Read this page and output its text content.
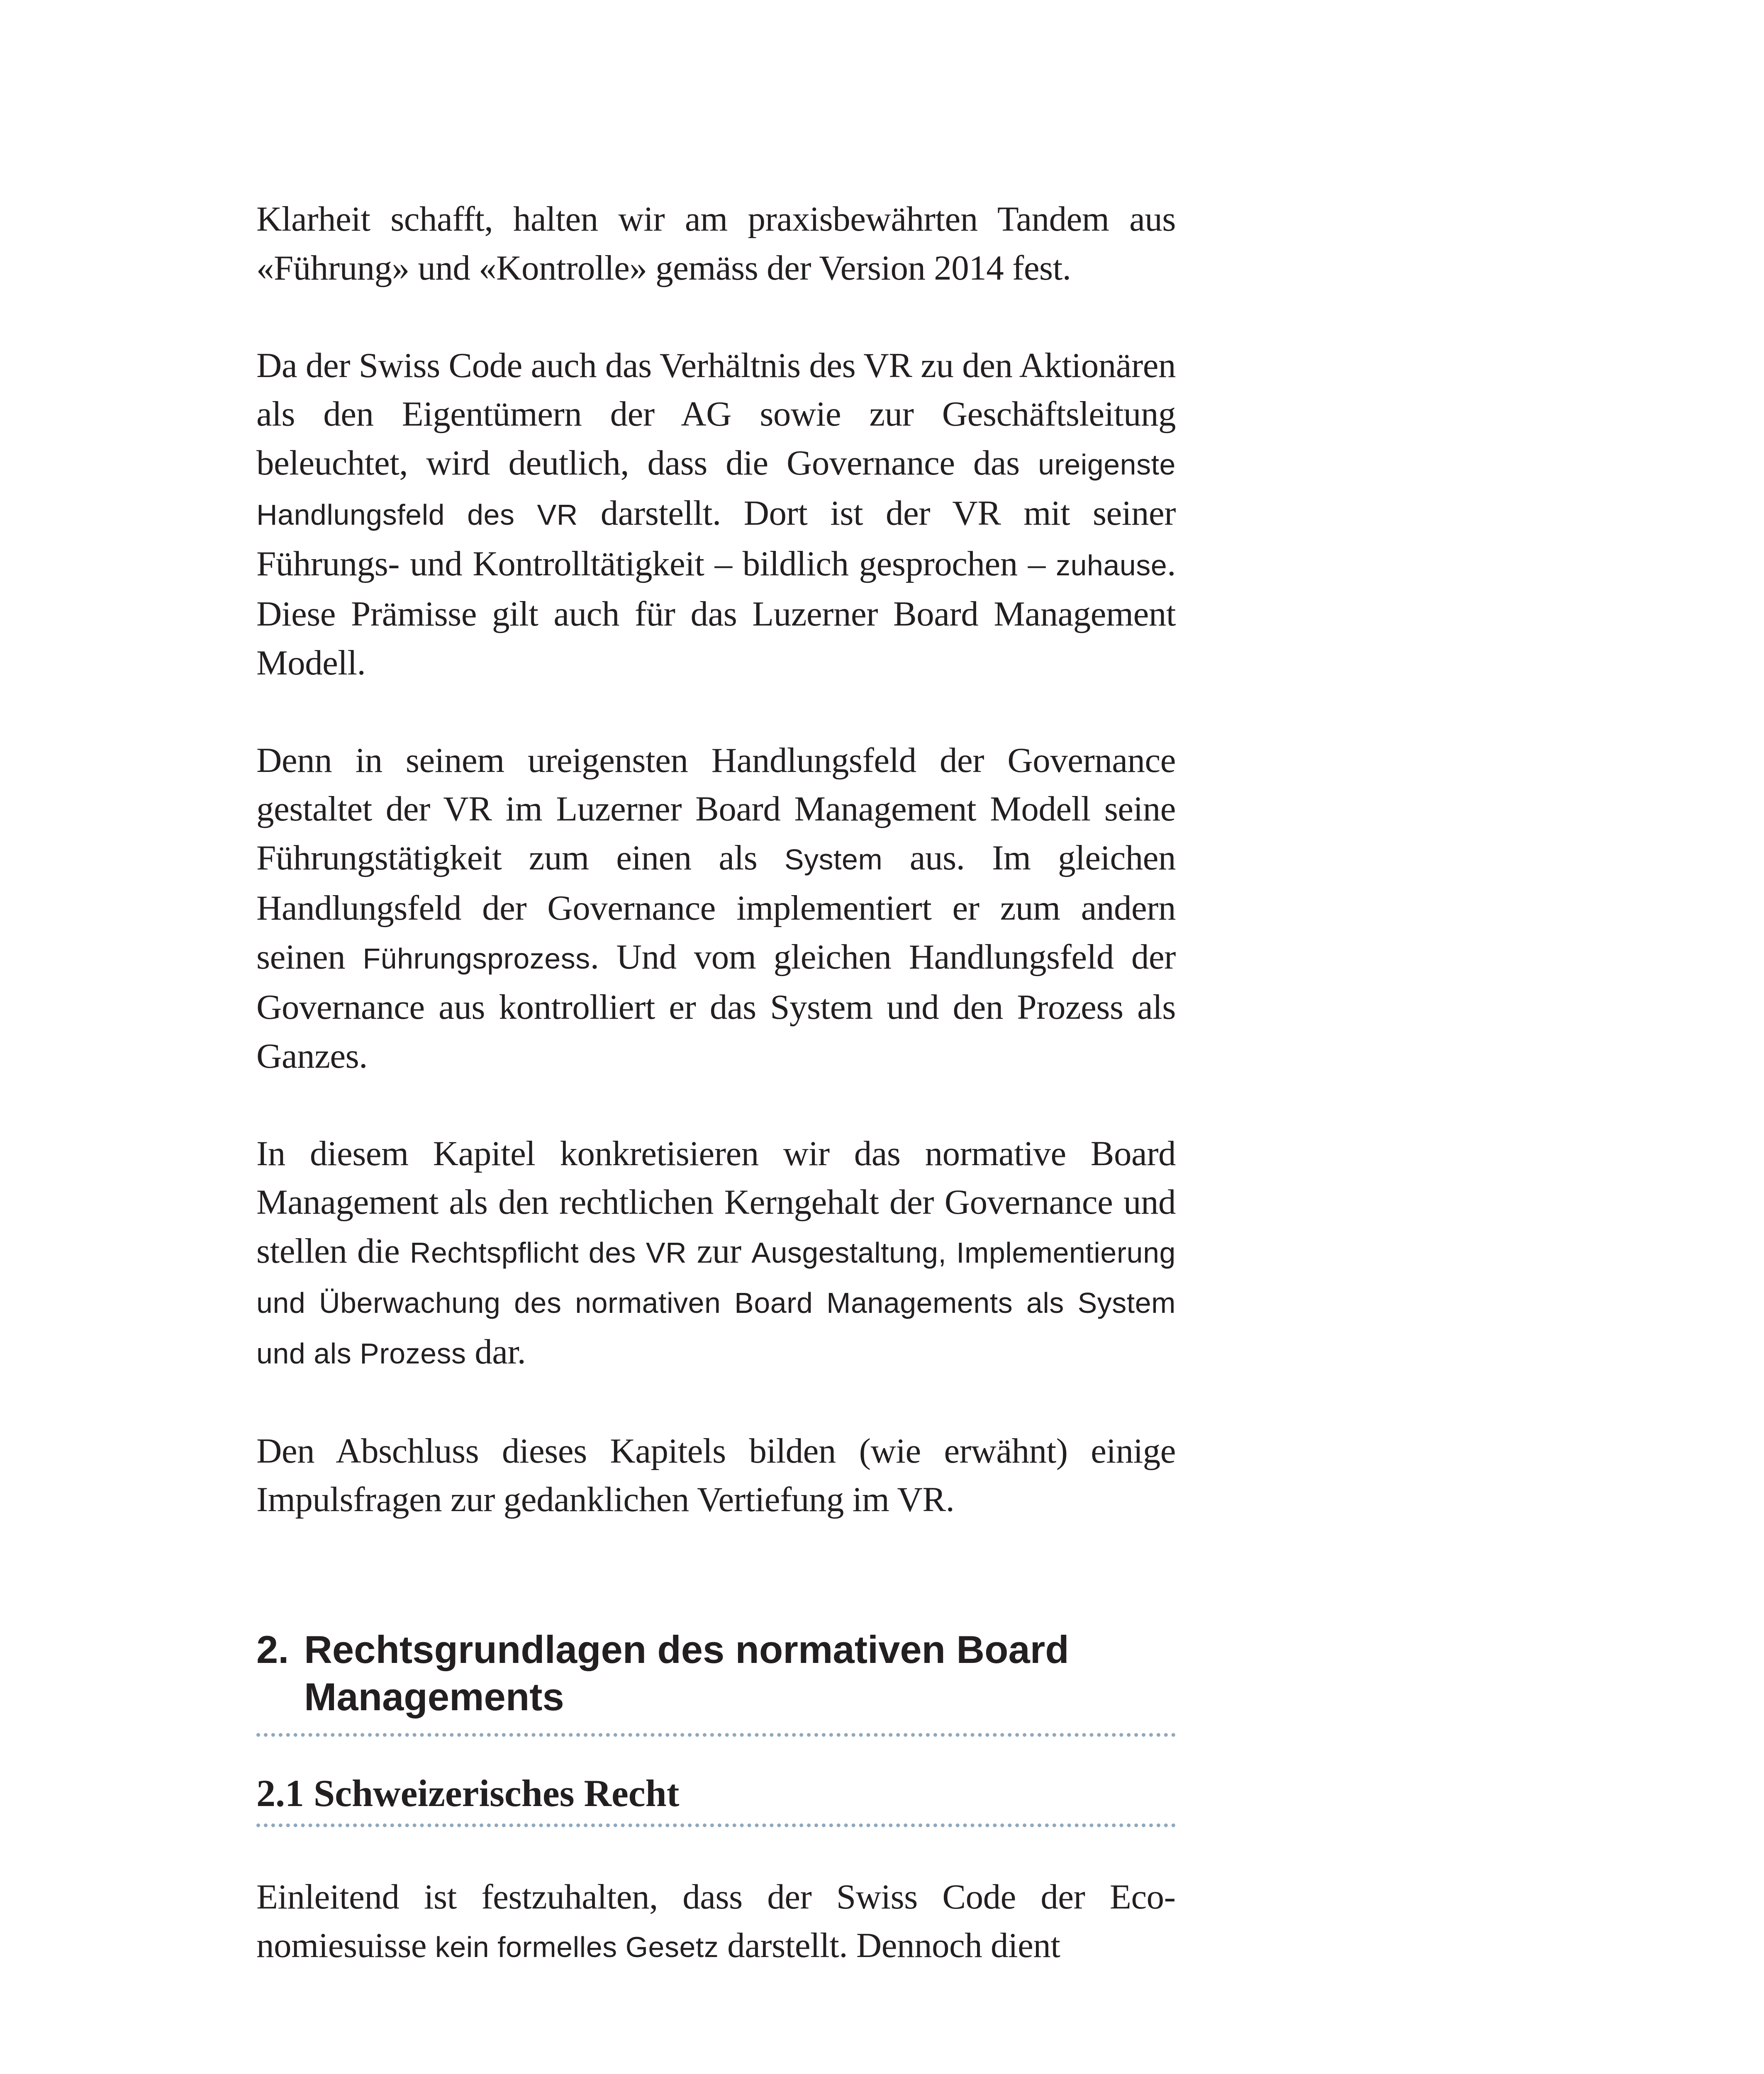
Klarheit schafft, halten wir am praxisbewährten Tandem aus «Führung» und «Kontrolle» gemäss der Version 2014 fest.

Da der Swiss Code auch das Verhältnis des VR zu den Aktionären als den Eigentümern der AG sowie zur Geschäftsleitung beleuchtet, wird deutlich, dass die Governance das ureigenste Handlungsfeld des VR darstellt. Dort ist der VR mit seiner Führungs- und Kontrolltätigkeit – bildlich gesprochen – zuhause. Diese Prämisse gilt auch für das Luzerner Board Management Modell.

Denn in seinem ureigensten Handlungsfeld der Governance gestaltet der VR im Luzerner Board Management Modell seine Führungstätigkeit zum einen als System aus. Im gleichen Handlungsfeld der Governance implementiert er zum andern seinen Führungsprozess. Und vom gleichen Handlungsfeld der Governance aus kontrolliert er das System und den Prozess als Ganzes.

In diesem Kapitel konkretisieren wir das normative Board Management als den rechtlichen Kerngehalt der Governance und stellen die Rechtspflicht des VR zur Ausgestaltung, Implementierung und Überwachung des normativen Board Managements als System und als Prozess dar.

Den Abschluss dieses Kapitels bilden (wie erwähnt) einige Impulsfragen zur gedanklichen Vertiefung im VR.

2. Rechtsgrundlagen des normativen Board Managements
2.1 Schweizerisches Recht

Einleitend ist festzuhalten, dass der Swiss Code der Economiesuisse kein formelles Gesetz darstellt. Dennoch dient
